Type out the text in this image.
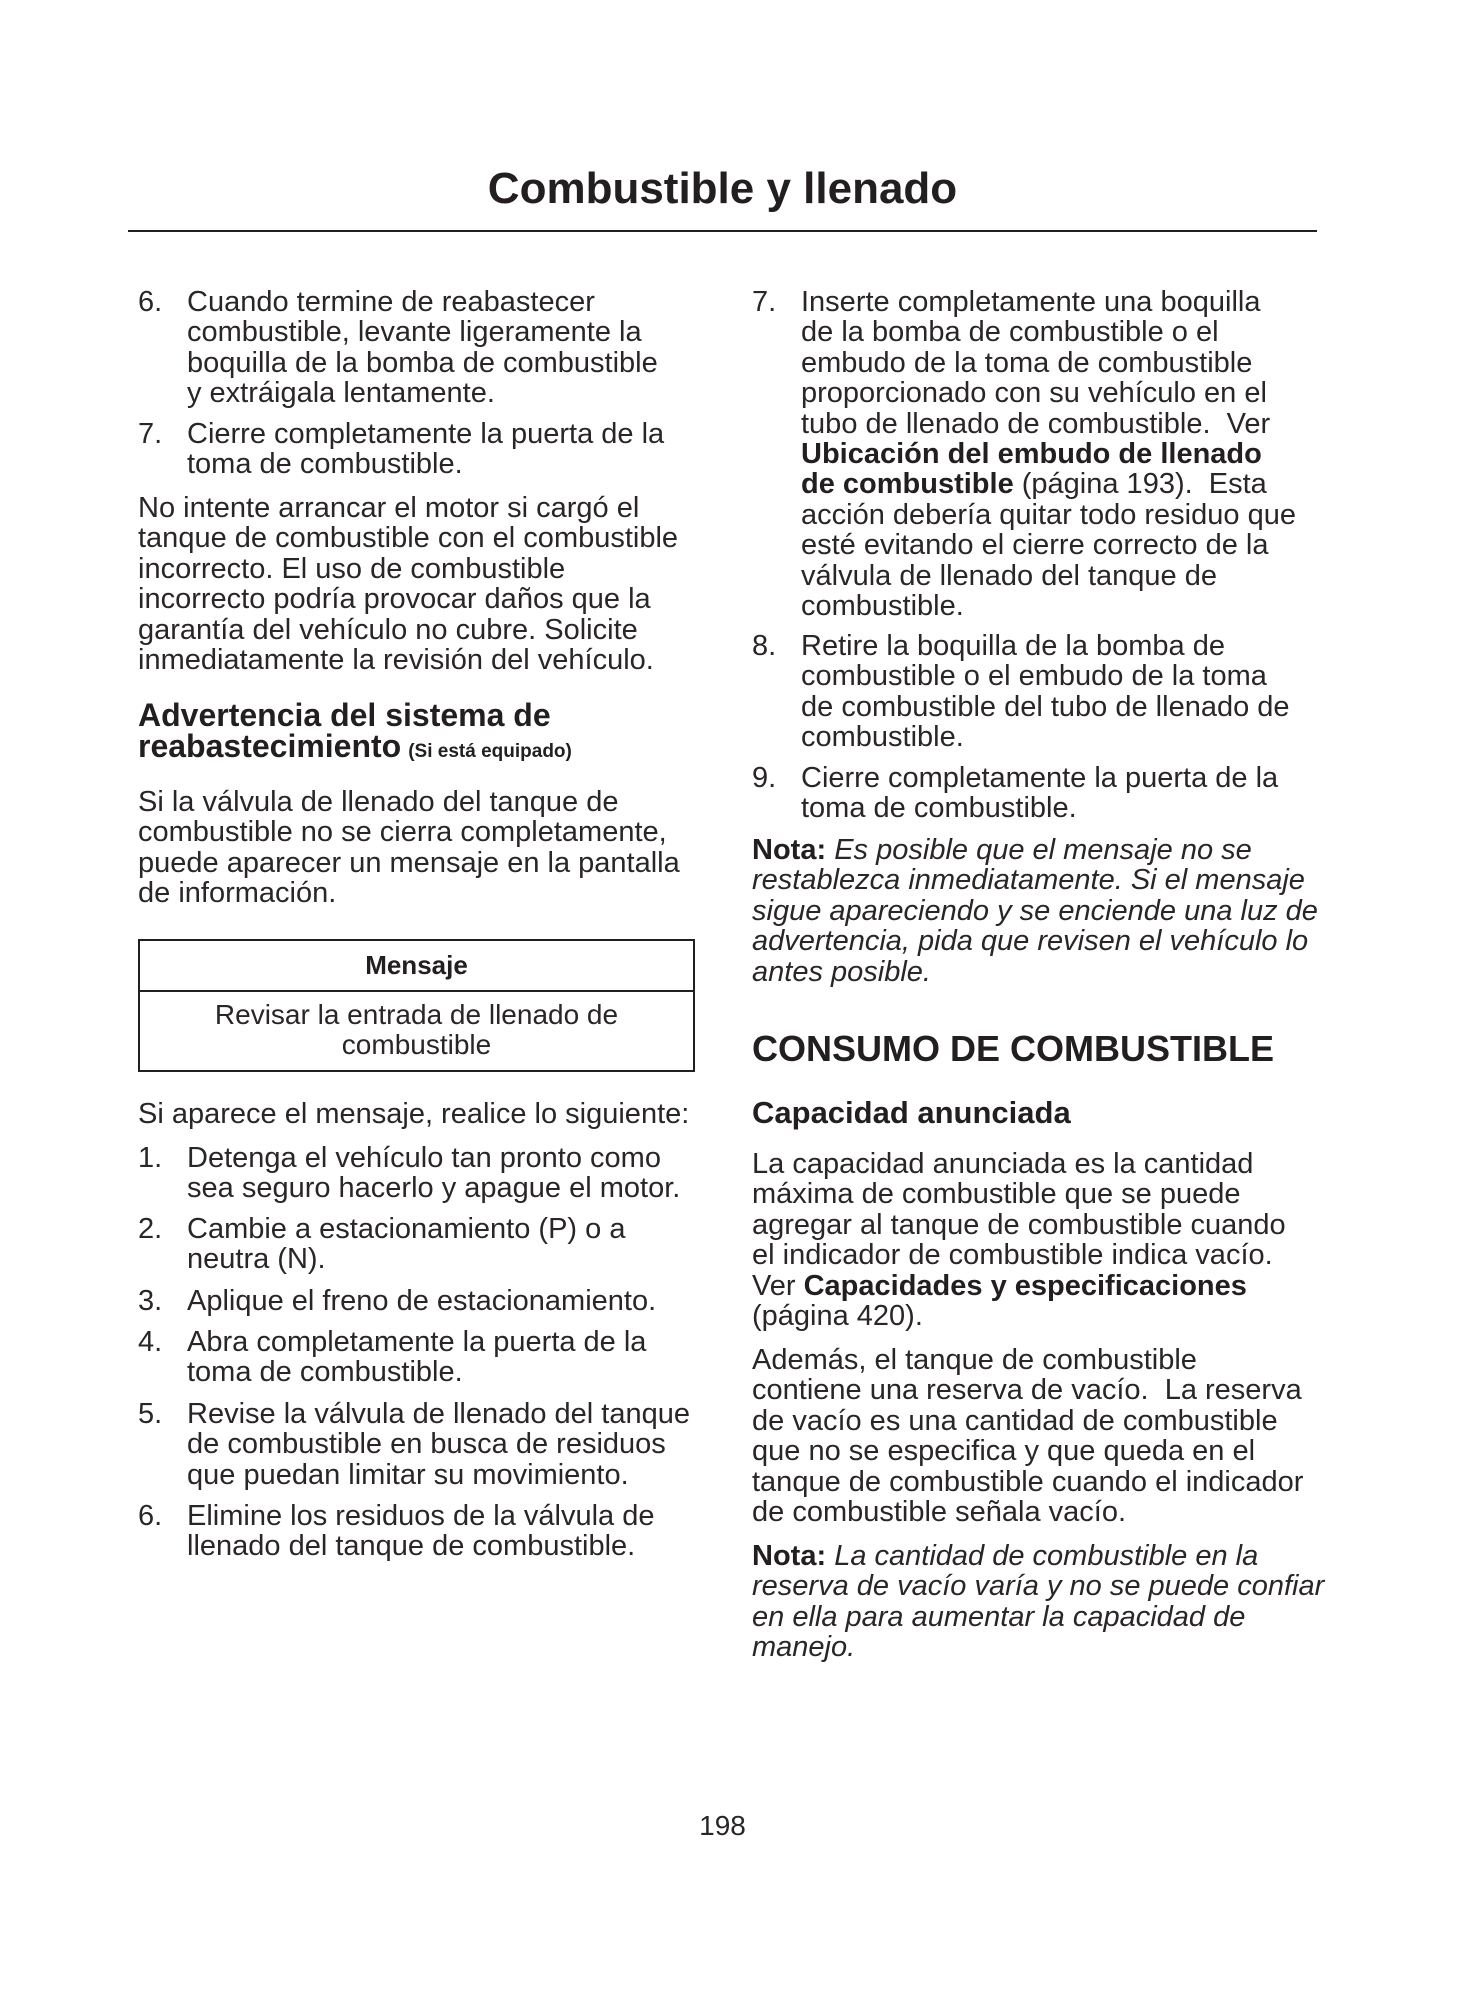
Combustible y llenado
6. Cuando termine de reabastecer
combustible, levante ligeramente la
boquilla de la bomba de combustible
y extráigala lentamente.
7. Cierre completamente la puerta de la
toma de combustible.
No intente arrancar el motor si cargó el
tanque de combustible con el combustible
incorrecto. El uso de combustible
incorrecto podría provocar daños que la
garantía del vehículo no cubre. Solicite
inmediatamente la revisión del vehículo.
Advertencia del sistema de
reabastecimiento (Si está equipado)
Si la válvula de llenado del tanque de
combustible no se cierra completamente,
puede aparecer un mensaje en la pantalla
de información.
Mensaje
Revisar la entrada de llenado de
combustible
Si aparece el mensaje, realice lo siguiente:
1. Detenga el vehículo tan pronto como
sea seguro hacerlo y apague el motor.
2. Cambie a estacionamiento (P) o a
neutra (N).
3. Aplique el freno de estacionamiento.
4. Abra completamente la puerta de la
toma de combustible.
5. Revise la válvula de llenado del tanque
de combustible en busca de residuos
que puedan limitar su movimiento.
6. Elimine los residuos de la válvula de
llenado del tanque de combustible.
7. Inserte completamente una boquilla
de la bomba de combustible o el
embudo de la toma de combustible
proporcionado con su vehículo en el
tubo de llenado de combustible.  Ver
Ubicación del embudo de llenado
de combustible (página 193).  Esta
acción debería quitar todo residuo que
esté evitando el cierre correcto de la
válvula de llenado del tanque de
combustible.
8. Retire la boquilla de la bomba de
combustible o el embudo de la toma
de combustible del tubo de llenado de
combustible.
9. Cierre completamente la puerta de la
toma de combustible.
Nota: Es posible que el mensaje no se
restablezca inmediatamente. Si el mensaje
sigue apareciendo y se enciende una luz de
advertencia, pida que revisen el vehículo lo
antes posible.
CONSUMO DE COMBUSTIBLE
Capacidad anunciada
La capacidad anunciada es la cantidad
máxima de combustible que se puede
agregar al tanque de combustible cuando
el indicador de combustible indica vacío.
Ver Capacidades y especificaciones
(página 420).
Además, el tanque de combustible
contiene una reserva de vacío.  La reserva
de vacío es una cantidad de combustible
que no se especifica y que queda en el
tanque de combustible cuando el indicador
de combustible señala vacío.
Nota: La cantidad de combustible en la
reserva de vacío varía y no se puede confiar
en ella para aumentar la capacidad de
manejo.
198
